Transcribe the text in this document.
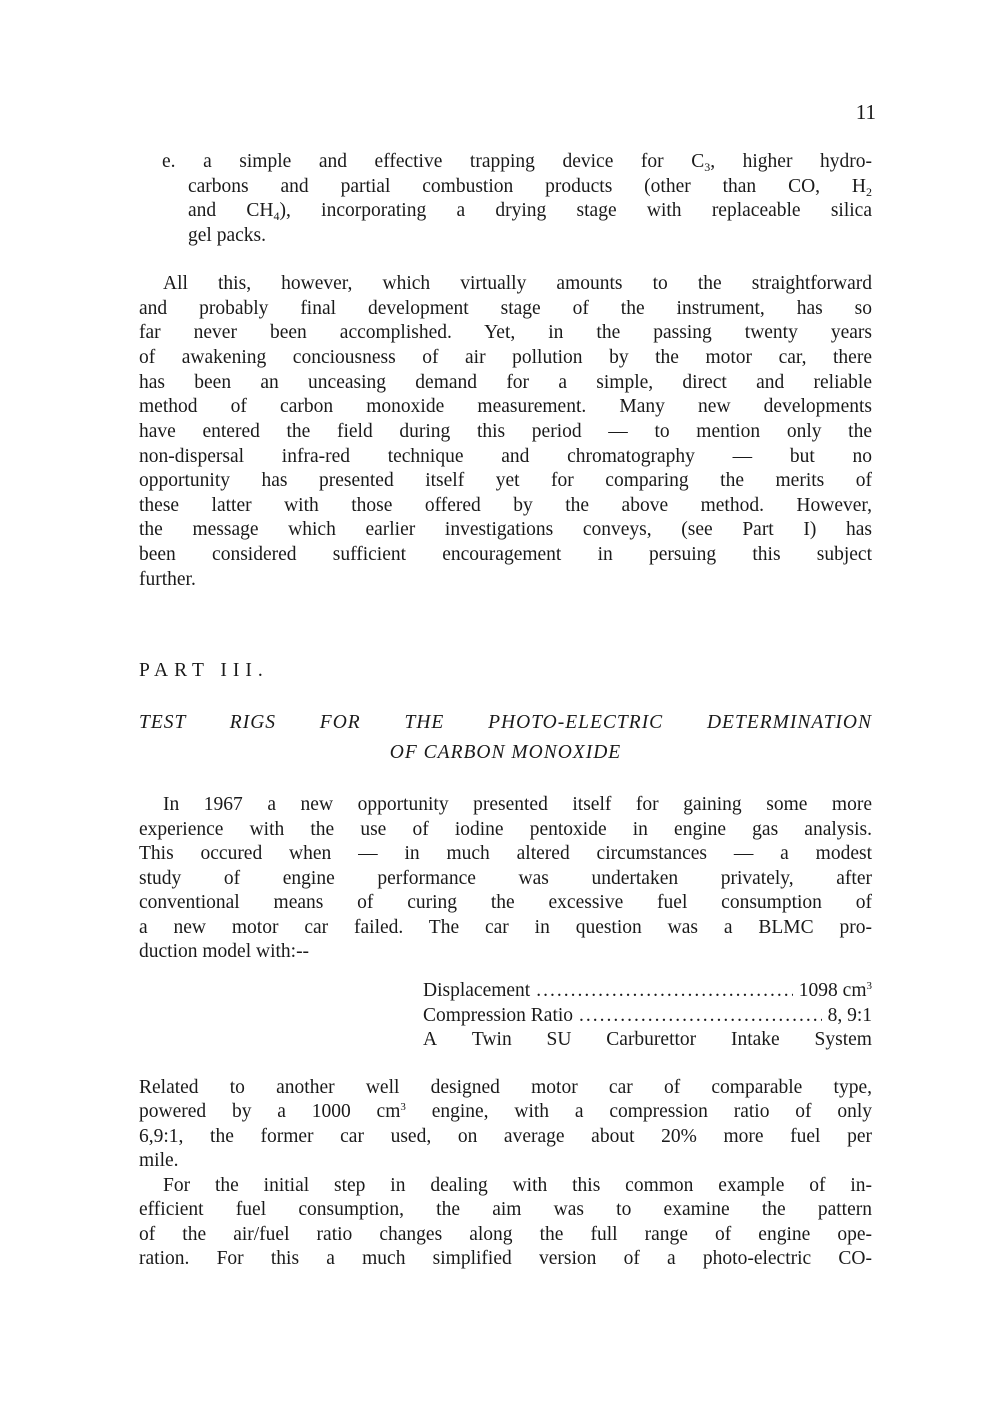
11
e. a simple and effective trapping device for $C_3$, higher hydro-
carbons and partial combustion products (other than CO, $H_2$
and $CH_4$), incorporating a drying stage with replaceable silica
gel packs.
All this, however, which virtually amounts to the straightforward
and probably final development stage of the instrument, has so
far never been accomplished. Yet, in the passing twenty years
of awakening conciousness of air pollution by the motor car, there
has been an unceasing demand for a simple, direct and reliable
method of carbon monoxide measurement. Many new developments
have entered the field during this period — to mention only the
non-dispersal infra-red technique and chromatography — but no
opportunity has presented itself yet for comparing the merits of
these latter with those offered by the above method. However,
the message which earlier investigations conveys, (see Part I) has
been considered sufficient encouragement in persuing this subject
further.
PART III.
TEST RIGS FOR THE PHOTO-ELECTRIC DETERMINATION
OF CARBON MONOXIDE
In 1967 a new opportunity presented itself for gaining some more
experience with the use of iodine pentoxide in engine gas analysis.
This occured when — in much altered circumstances — a modest
study of engine performance was undertaken privately, after
conventional means of curing the excessive fuel consumption of
a new motor car failed. The car in question was a BLMC pro-
duction model with:--
Displacement .....	1098 $cm^3$
Compression Ratio .....	8, 9:1
A Twin SU Carburettor Intake System
Related to another well designed motor car of comparable type,
powered by a 1000 $cm^3$ engine, with a compression ratio of only
6,9:1, the former car used, on average about 20% more fuel per
mile.
For the initial step in dealing with this common example of in-
efficient fuel consumption, the aim was to examine the pattern
of the air/fuel ratio changes along the full range of engine ope-
ration. For this a much simplified version of a photo-electric CO-
